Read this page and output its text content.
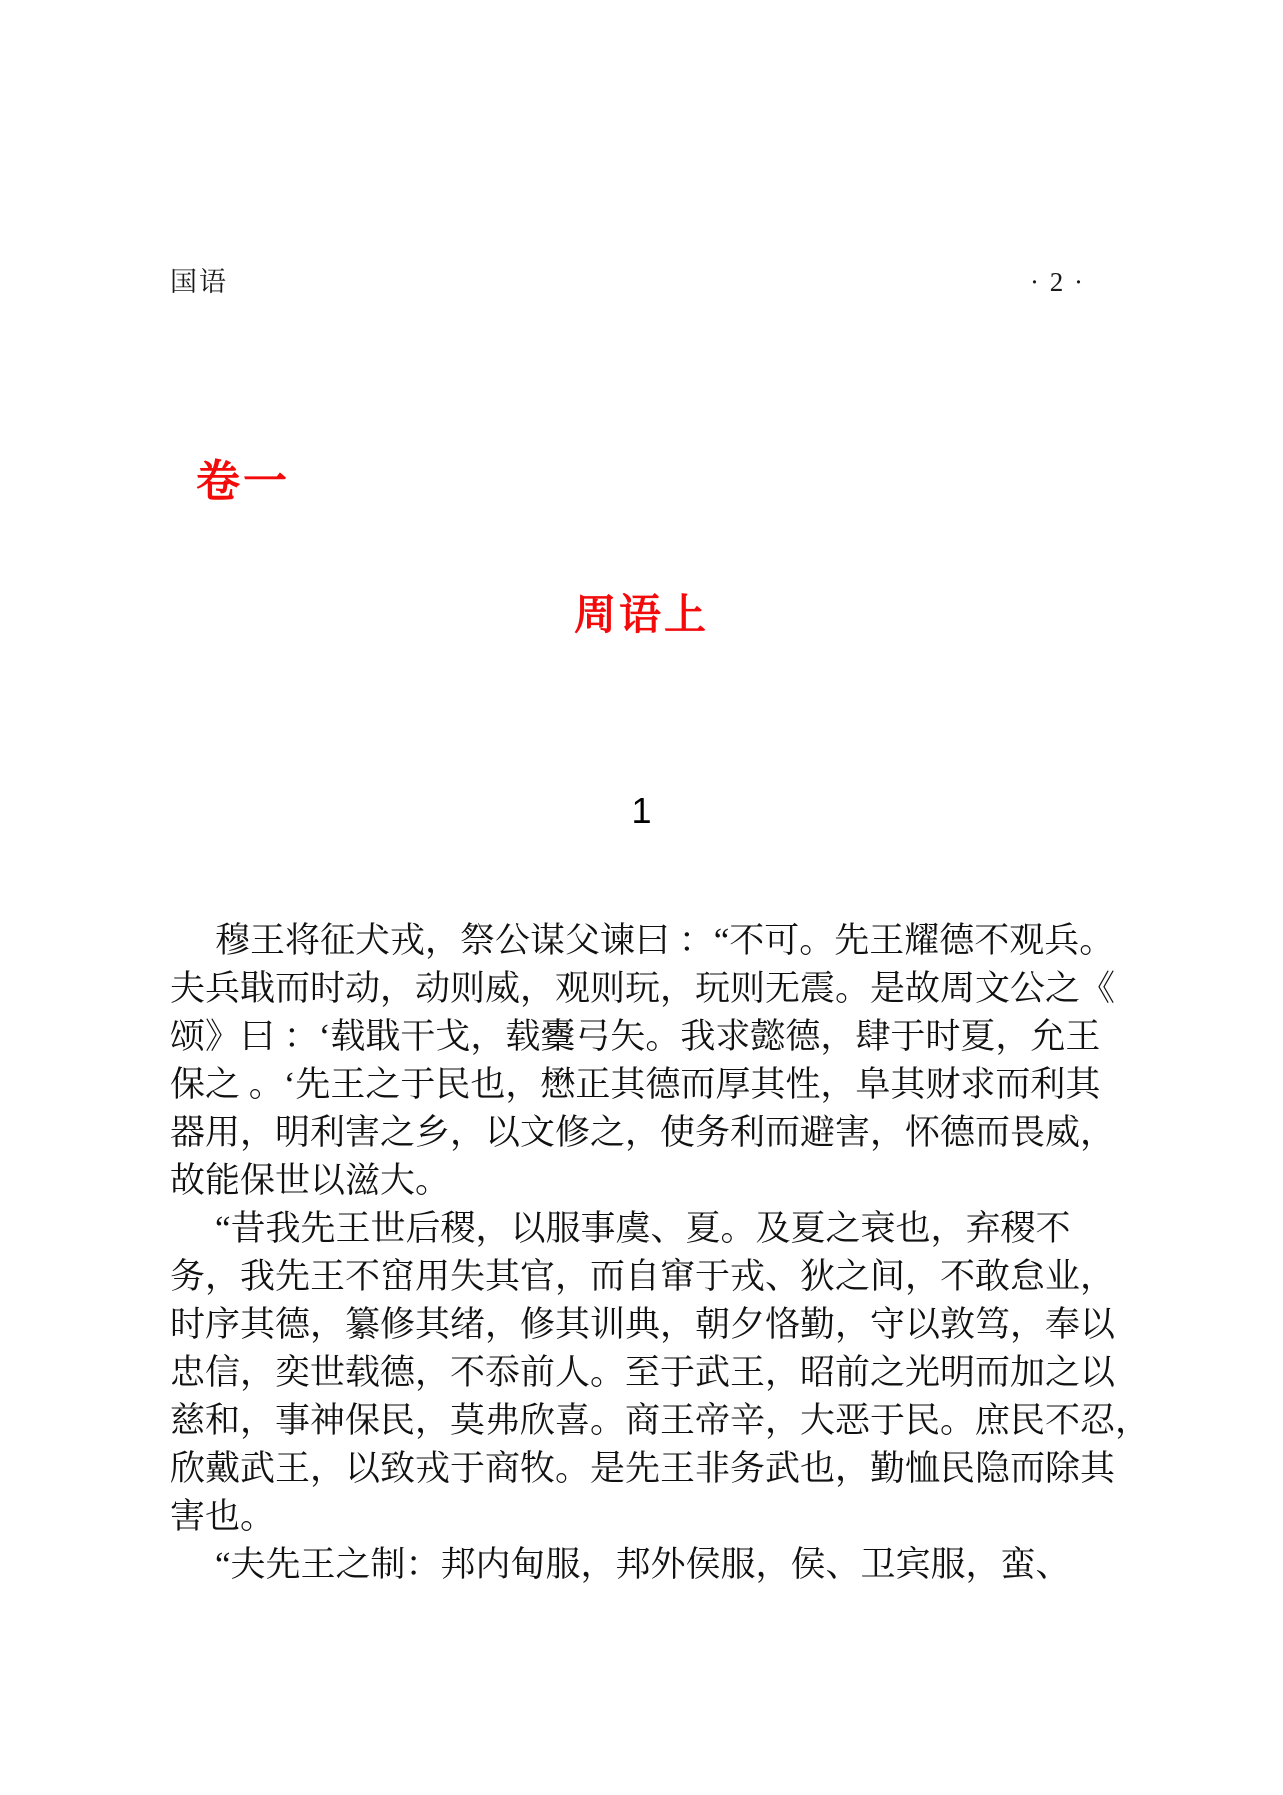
国语	· 2 ·
卷一
周语上
1

穆王将征犬戎，祭公谋父谏曰 ：“不可。先王耀德不观兵。

夫兵戢而时动，动则威，观则玩，玩则无震。是故周文公之《

颂》曰 ：‘载戢干戈，载櫜弓矢。我求懿德，肆于时夏，允王

保之 。‘先王之于民也，懋正其德而厚其性，阜其财求而利其

器用，明利害之乡，以文修之，使务利而避害，怀德而畏威，

故能保世以滋大。

“昔我先王世后稷，以服事虞、夏。及夏之衰也，弃稷不

务，我先王不窋用失其官，而自窜于戎、狄之间，不敢怠业，

时序其德，纂修其绪，修其训典，朝夕恪勤，守以敦笃，奉以

忠信，奕世载德，不忝前人。至于武王，昭前之光明而加之以

慈和，事神保民，莫弗欣喜。商王帝辛，大恶于民。庶民不忍，

欣戴武王，以致戎于商牧。是先王非务武也，勤恤民隐而除其

害也。

“夫先王之制：邦内甸服，邦外侯服，侯、卫宾服，蛮、
